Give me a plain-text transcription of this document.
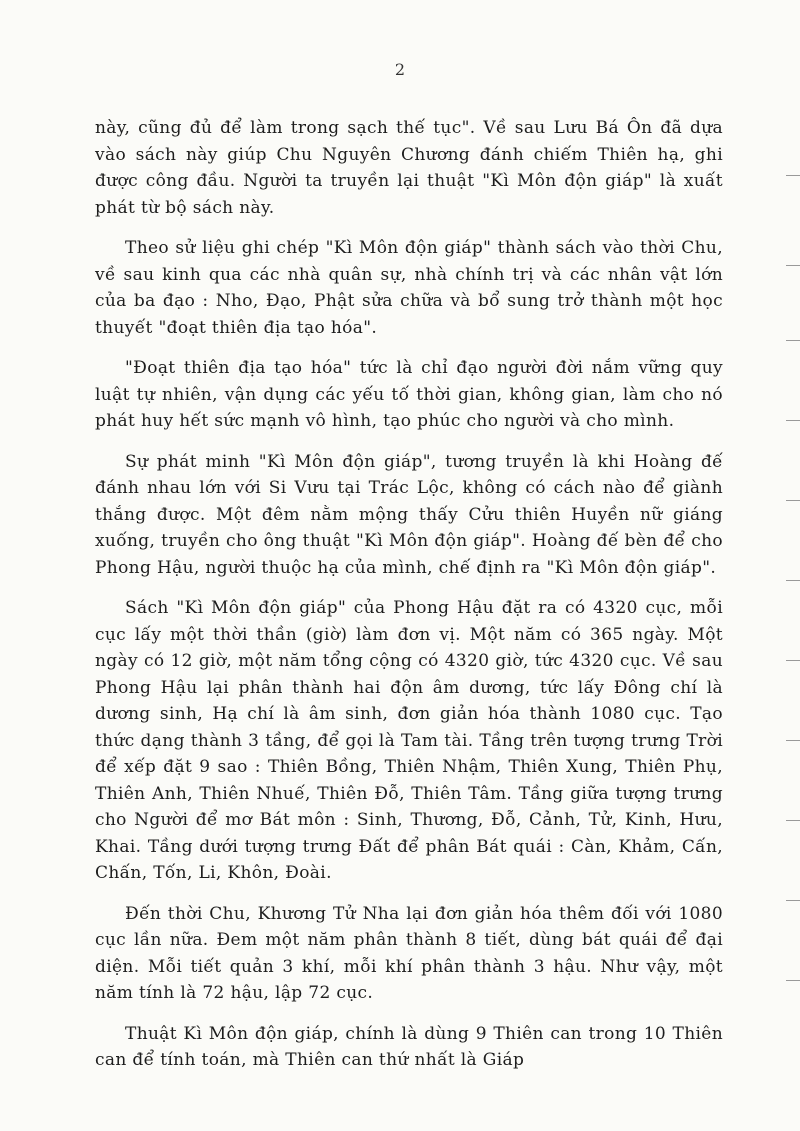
2

này, cũng đủ để làm trong sạch thế tục". Về sau Lưu Bá Ôn đã dựa vào sách này giúp Chu Nguyên Chương đánh chiếm Thiên hạ, ghi được công đầu. Người ta truyền lại thuật "Kì Môn độn giáp" là xuất phát từ bộ sách này.

Theo sử liệu ghi chép "Kì Môn độn giáp" thành sách vào thời Chu, về sau kinh qua các nhà quân sự, nhà chính trị và các nhân vật lớn của ba đạo : Nho, Đạo, Phật sửa chữa và bổ sung trở thành một học thuyết "đoạt thiên địa tạo hóa".

"Đoạt thiên địa tạo hóa" tức là chỉ đạo người đời nắm vững quy luật tự nhiên, vận dụng các yếu tố thời gian, không gian, làm cho nó phát huy hết sức mạnh vô hình, tạo phúc cho người và cho mình.

Sự phát minh "Kì Môn độn giáp", tương truyền là khi Hoàng đế đánh nhau lớn với Si Vưu tại Trác Lộc, không có cách nào để giành thắng được. Một đêm nằm mộng thấy Cửu thiên Huyền nữ giáng xuống, truyền cho ông thuật "Kì Môn độn giáp". Hoàng đế bèn để cho Phong Hậu, người thuộc hạ của mình, chế định ra "Kì Môn độn giáp".

Sách "Kì Môn độn giáp" của Phong Hậu đặt ra có 4320 cục, mỗi cục lấy một thời thần (giờ) làm đơn vị. Một năm có 365 ngày. Một ngày có 12 giờ, một năm tổng cộng có 4320 giờ, tức 4320 cục. Về sau Phong Hậu lại phân thành hai độn âm dương, tức lấy Đông chí là dương sinh, Hạ chí là âm sinh, đơn giản hóa thành 1080 cục. Tạo thức dạng thành 3 tầng, để gọi là Tam tài. Tầng trên tượng trưng Trời để xếp đặt 9 sao : Thiên Bồng, Thiên Nhậm, Thiên Xung, Thiên Phụ, Thiên Anh, Thiên Nhuế, Thiên Đỗ, Thiên Tâm. Tầng giữa tượng trưng cho Người để mơ Bát môn : Sinh, Thương, Đỗ, Cảnh, Tử, Kinh, Hưu, Khai. Tầng dưới tượng trưng Đất để phân Bát quái : Càn, Khảm, Cấn, Chấn, Tốn, Li, Khôn, Đoài.

Đến thời Chu, Khương Tử Nha lại đơn giản hóa thêm đối với 1080 cục lần nữa. Đem một năm phân thành 8 tiết, dùng bát quái để đại diện. Mỗi tiết quản 3 khí, mỗi khí phân thành 3 hậu. Như vậy, một năm tính là 72 hậu, lập 72 cục.

Thuật Kì Môn độn giáp, chính là dùng 9 Thiên can trong 10 Thiên can để tính toán, mà Thiên can thứ nhất là Giáp
